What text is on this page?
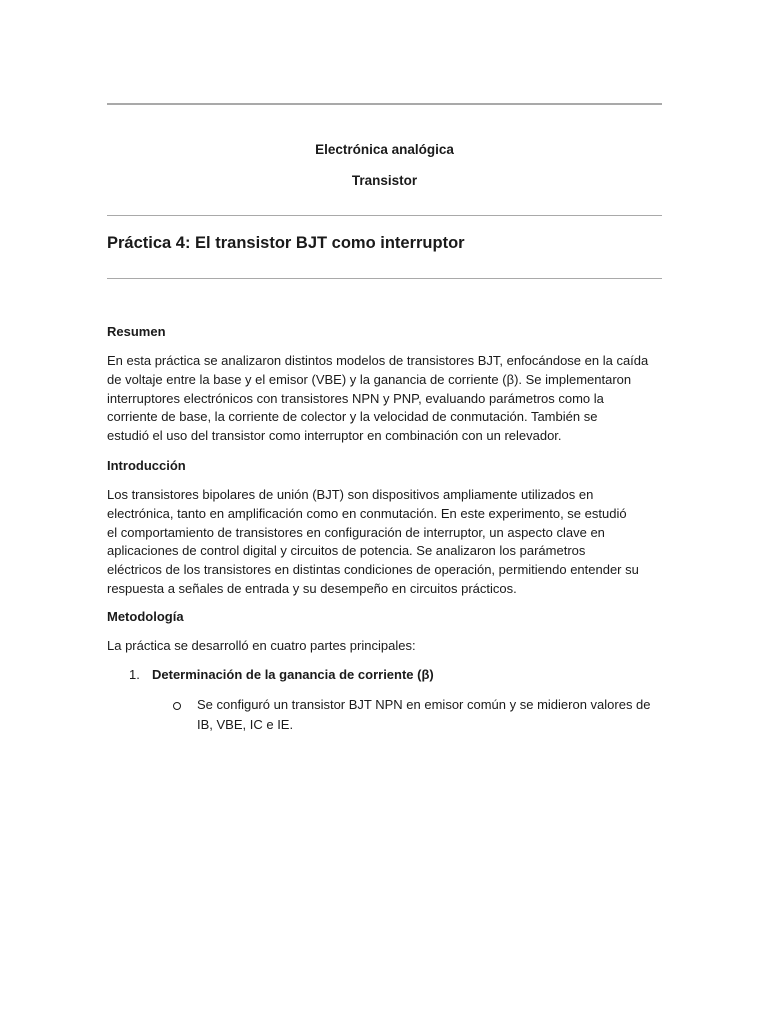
Electrónica analógica
Transistor
Práctica 4: El transistor BJT como interruptor
Resumen
En esta práctica se analizaron distintos modelos de transistores BJT, enfocándose en la caída
de voltaje entre la base y el emisor (VBE) y la ganancia de corriente (β). Se implementaron
interruptores electrónicos con transistores NPN y PNP, evaluando parámetros como la
corriente de base, la corriente de colector y la velocidad de conmutación. También se
estudió el uso del transistor como interruptor en combinación con un relevador.
Introducción
Los transistores bipolares de unión (BJT) son dispositivos ampliamente utilizados en
electrónica, tanto en amplificación como en conmutación. En este experimento, se estudió
el comportamiento de transistores en configuración de interruptor, un aspecto clave en
aplicaciones de control digital y circuitos de potencia. Se analizaron los parámetros
eléctricos de los transistores en distintas condiciones de operación, permitiendo entender su
respuesta a señales de entrada y su desempeño en circuitos prácticos.
Metodología
La práctica se desarrolló en cuatro partes principales:
1. Determinación de la ganancia de corriente (β)
Se configuró un transistor BJT NPN en emisor común y se midieron valores de
IB, VBE, IC e IE.
